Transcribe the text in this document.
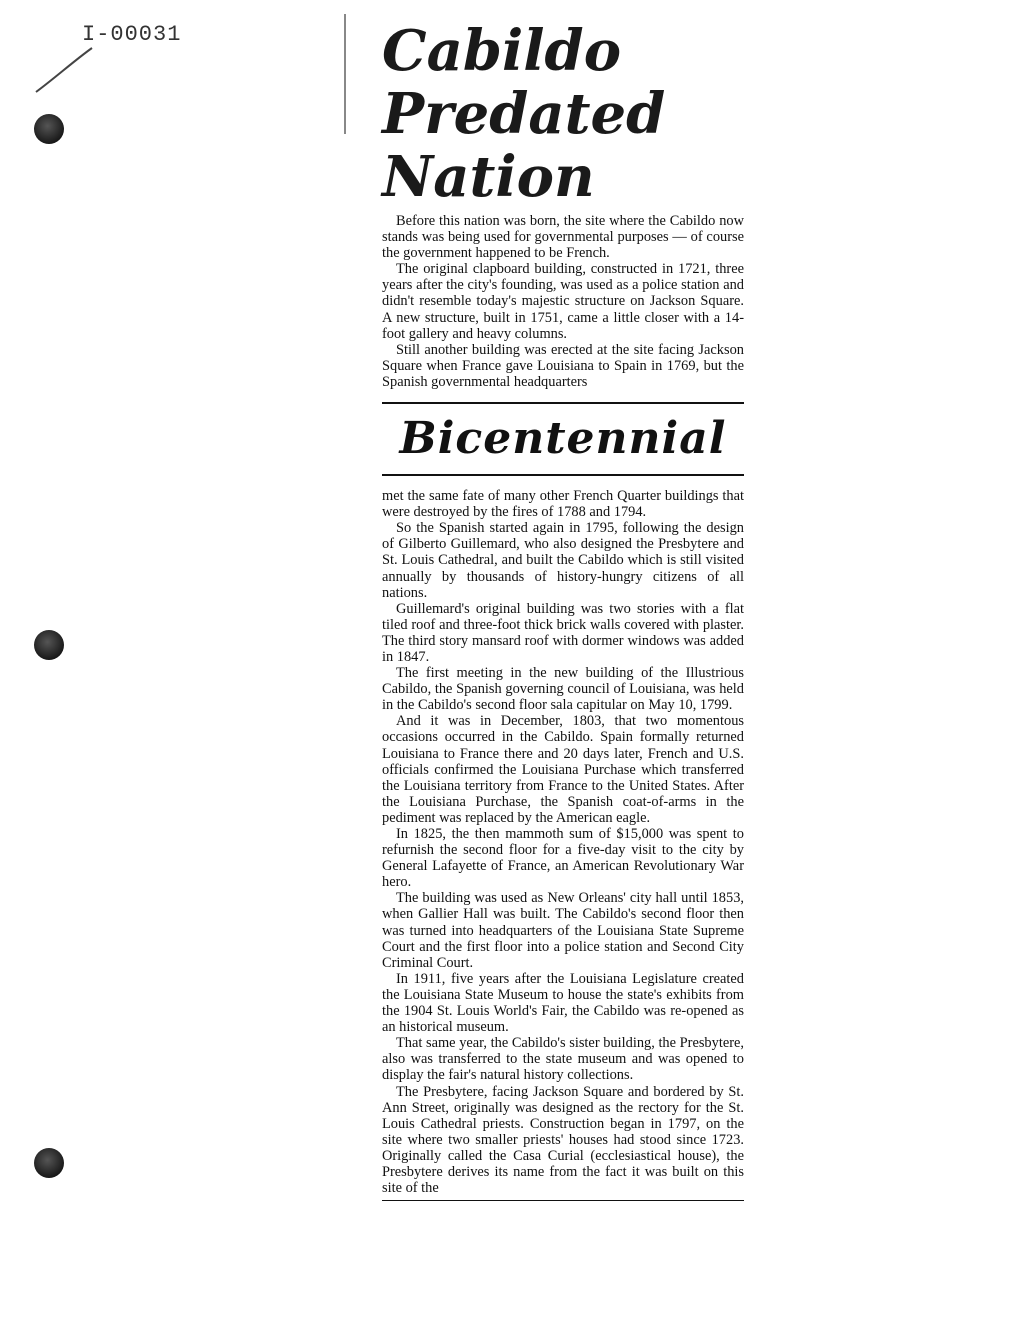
I-00031	Cabildo
Predated
Nation

Before this nation was born, the site where the Cabildo now stands was being used for governmental purposes — of course the government happened to be French.

The original clapboard building, constructed in 1721, three years after the city's founding, was used as a police station and didn't resemble today's majestic structure on Jackson Square. A new structure, built in 1751, came a little closer with a 14-foot gallery and heavy columns.

Still another building was erected at the site facing Jackson Square when France gave Louisiana to Spain in 1769, but the Spanish governmental headquarters

Bicentennial

met the same fate of many other French Quarter buildings that were destroyed by the fires of 1788 and 1794.

So the Spanish started again in 1795, following the design of Gilberto Guillemard, who also designed the Presbytere and St. Louis Cathedral, and built the Cabildo which is still visited annually by thousands of history-hungry citizens of all nations.

Guillemard's original building was two stories with a flat tiled roof and three-foot thick brick walls covered with plaster. The third story mansard roof with dormer windows was added in 1847.

The first meeting in the new building of the Illustrious Cabildo, the Spanish governing council of Louisiana, was held in the Cabildo's second floor sala capitular on May 10, 1799.

And it was in December, 1803, that two momentous occasions occurred in the Cabildo. Spain formally returned Louisiana to France there and 20 days later, French and U.S. officials confirmed the Louisiana Purchase which transferred the Louisiana territory from France to the United States. After the Louisiana Purchase, the Spanish coat-of-arms in the pediment was replaced by the American eagle.

In 1825, the then mammoth sum of $15,000 was spent to refurnish the second floor for a five-day visit to the city by General Lafayette of France, an American Revolutionary War hero.

The building was used as New Orleans' city hall until 1853, when Gallier Hall was built. The Cabildo's second floor then was turned into headquarters of the Louisiana State Supreme Court and the first floor into a police station and Second City Criminal Court.

In 1911, five years after the Louisiana Legislature created the Louisiana State Museum to house the state's exhibits from the 1904 St. Louis World's Fair, the Cabildo was re-opened as an historical museum.

That same year, the Cabildo's sister building, the Presbytere, also was transferred to the state museum and was opened to display the fair's natural history collections.

The Presbytere, facing Jackson Square and bordered by St. Ann Street, originally was designed as the rectory for the St. Louis Cathedral priests. Construction began in 1797, on the site where two smaller priests' houses had stood since 1723. Originally called the Casa Curial (ecclesiastical house), the Presbytere derives its name from the fact it was built on this site of the
